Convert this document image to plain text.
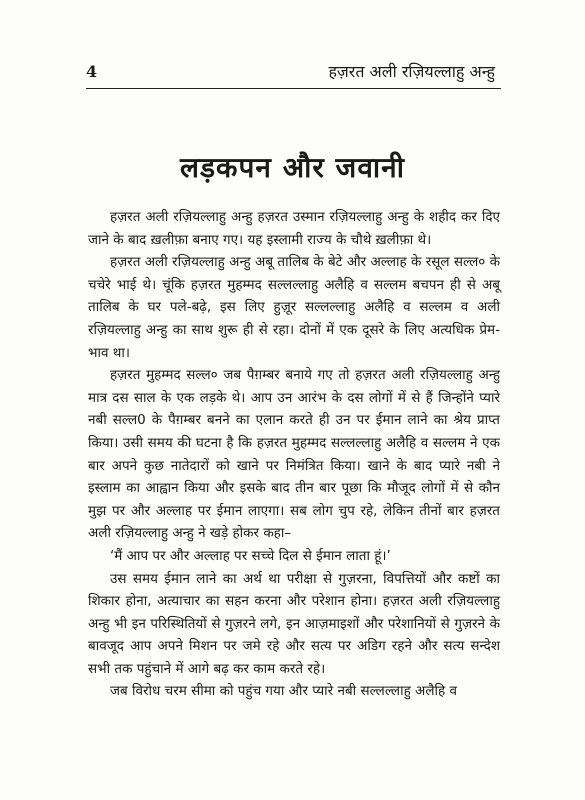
4	हज़रत अली रज़ियल्लाहु अन्हु
लड़कपन और जवानी

हज़रत अली रज़ियल्लाहु अन्हु हज़रत उस्मान रज़ियल्लाहु अन्हु के शहीद कर दिए जाने के बाद ख़लीफ़ा बनाए गए। यह इस्लामी राज्य के चौथे ख़लीफ़ा थे।

हज़रत अली रज़ियल्लाहु अन्हु अबू तालिब के बेटे और अल्लाह के रसूल सल्ल० के चचेरे भाई थे। चूंकि हज़रत मुहम्मद सल्लल्लाहु अलैहि व सल्लम बचपन ही से अबू तालिब के घर पले-बढ़े, इस लिए हुज़ूर सल्लल्लाहु अलैहि व सल्लम व अली रज़ियल्लाहु अन्हु का साथ शुरू ही से रहा। दोनों में एक दूसरे के लिए अत्यधिक प्रेम-भाव था।

हज़रत मुहम्मद सल्ल० जब पैग़म्बर बनाये गए तो हज़रत अली रज़ियल्लाहु अन्हु मात्र दस साल के एक लड़के थे। आप उन आरंभ के दस लोगों में से हैं जिन्होंने प्यारे नबी सल्ल0 के पैग़म्बर बनने का एलान करते ही उन पर ईमान लाने का श्रेय प्राप्त किया। उसी समय की घटना है कि हज़रत मुहम्मद सल्लल्लाहु अलैहि व सल्लम ने एक बार अपने कुछ नातेदारों को खाने पर निमंत्रित किया। खाने के बाद प्यारे नबी ने इस्लाम का आह्वान किया और इसके बाद तीन बार पूछा कि मौजूद लोगों में से कौन मुझ पर और अल्लाह पर ईमान लाएगा। सब लोग चुप रहे, लेकिन तीनों बार हज़रत अली रज़ियल्लाहु अन्हु ने खड़े होकर कहा–

‘मैं आप पर और अल्लाह पर सच्चे दिल से ईमान लाता हूं।’

उस समय ईमान लाने का अर्थ था परीक्षा से गुज़रना, विपत्तियों और कष्टों का शिकार होना, अत्याचार का सहन करना और परेशान होना। हज़रत अली रज़ियल्लाहु अन्हु भी इन परिस्थितियों से गुज़रने लगे, इन आज़माइशों और परेशानियों से गुज़रने के बावजूद आप अपने मिशन पर जमे रहे और सत्य पर अडिग रहने और सत्य सन्देश सभी तक पहुंचाने में आगे बढ़ कर काम करते रहे।

जब विरोध चरम सीमा को पहुंच गया और प्यारे नबी सल्लल्लाहु अलैहि व
